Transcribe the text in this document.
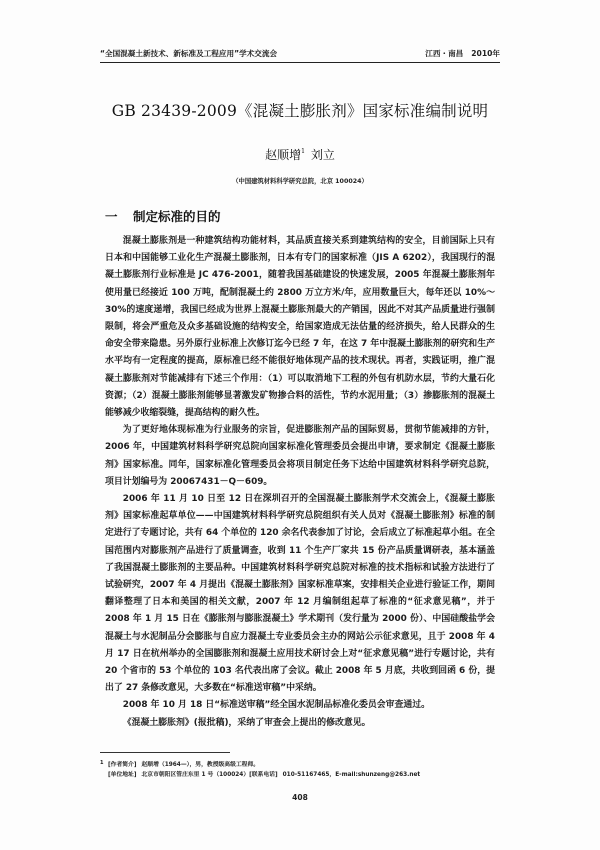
“全国混凝土新技术、新标准及工程应用”学术交流会	江西・南昌 2010年
GB 23439-2009《混凝土膨胀剂》国家标准编制说明
赵顺增$^1$ 刘立
（中国建筑材料科学研究总院，北京 100024）
一 制定标准的目的

混凝土膨胀剂是一种建筑结构功能材料，其品质直接关系到建筑结构的安全，目前国际上只有日本和中国能够工业化生产混凝土膨胀剂，日本有专门的国家标准（JIS A 6202），我国现行的混凝土膨胀剂行业标准是 JC 476-2001，随着我国基础建设的快速发展，2005 年混凝土膨胀剂年使用量已经接近 100 万吨，配制混凝土约 2800 万立方米/年，应用数量巨大，每年还以 10%～30%的速度递增，我国已经成为世界上混凝土膨胀剂最大的产销国，因此不对其产品质量进行强制限制，将会严重危及众多基础设施的结构安全，给国家造成无法估量的经济损失，给人民群众的生命安全带来隐患。另外原行业标准上次修订迄今已经 7 年，在这 7 年中混凝土膨胀剂的研究和生产水平均有一定程度的提高，原标准已经不能很好地体现产品的技术现状。再者，实践证明，推广混凝土膨胀剂对节能减排有下述三个作用：（1）可以取消地下工程的外包有机防水层，节约大量石化资源；（2）混凝土膨胀剂能够显著激发矿物掺合料的活性，节约水泥用量；（3）掺膨胀剂的混凝土能够减少收缩裂缝，提高结构的耐久性。

为了更好地体现标准为行业服务的宗旨，促进膨胀剂产品的国际贸易，贯彻节能减排的方针，2006 年，中国建筑材料科学研究总院向国家标准化管理委员会提出申请，要求制定《混凝土膨胀剂》国家标准。同年，国家标准化管理委员会将项目制定任务下达给中国建筑材料科学研究总院，项目计划编号为 20067431－Q－609。

2006 年 11 月 10 日至 12 日在深圳召开的全国混凝土膨胀剂学术交流会上，《混凝土膨胀剂》国家标准起草单位——中国建筑材料科学研究总院组织有关人员对《混凝土膨胀剂》标准的制定进行了专题讨论，共有 64 个单位的 120 余名代表参加了讨论，会后成立了标准起草小组。在全国范围内对膨胀剂产品进行了质量调查，收到 11 个生产厂家共 15 份产品质量调研表，基本涵盖了我国混凝土膨胀剂的主要品种。中国建筑材料科学研究总院对标准的技术指标和试验方法进行了试验研究，2007 年 4 月提出《混凝土膨胀剂》国家标准草案，安排相关企业进行验证工作，期间翻译整理了日本和美国的相关文献，2007 年 12 月编制组起草了标准的“征求意见稿”，并于 2008 年 1 月 15 日在《膨胀剂与膨胀混凝土》学术期刊（发行量为 2000 份）、中国硅酸盐学会混凝土与水泥制品分会膨胀与自应力混凝土专业委员会主办的网站公示征求意见，且于 2008 年 4 月 17 日在杭州举办的全国膨胀剂和混凝土应用技术研讨会上对“征求意见稿”进行专题讨论，共有 20 个省市的 53 个单位的 103 名代表出席了会议。截止 2008 年 5 月底，共收到回函 6 份，提出了 27 条修改意见，大多数在“标准送审稿”中采纳。

2008 年 10 月 18 日“标准送审稿”经全国水泥制品标准化委员会审查通过。

《混凝土膨胀剂》(报批稿)，采纳了审查会上提出的修改意见。

1 [作者简介] 赵顺增（1964—），男，教授级高级工程师。
[单位地址] 北京市朝阳区管庄东里 1 号（100024）[联系电话] 010-51167465，E-mail:shunzeng@263.net
408
